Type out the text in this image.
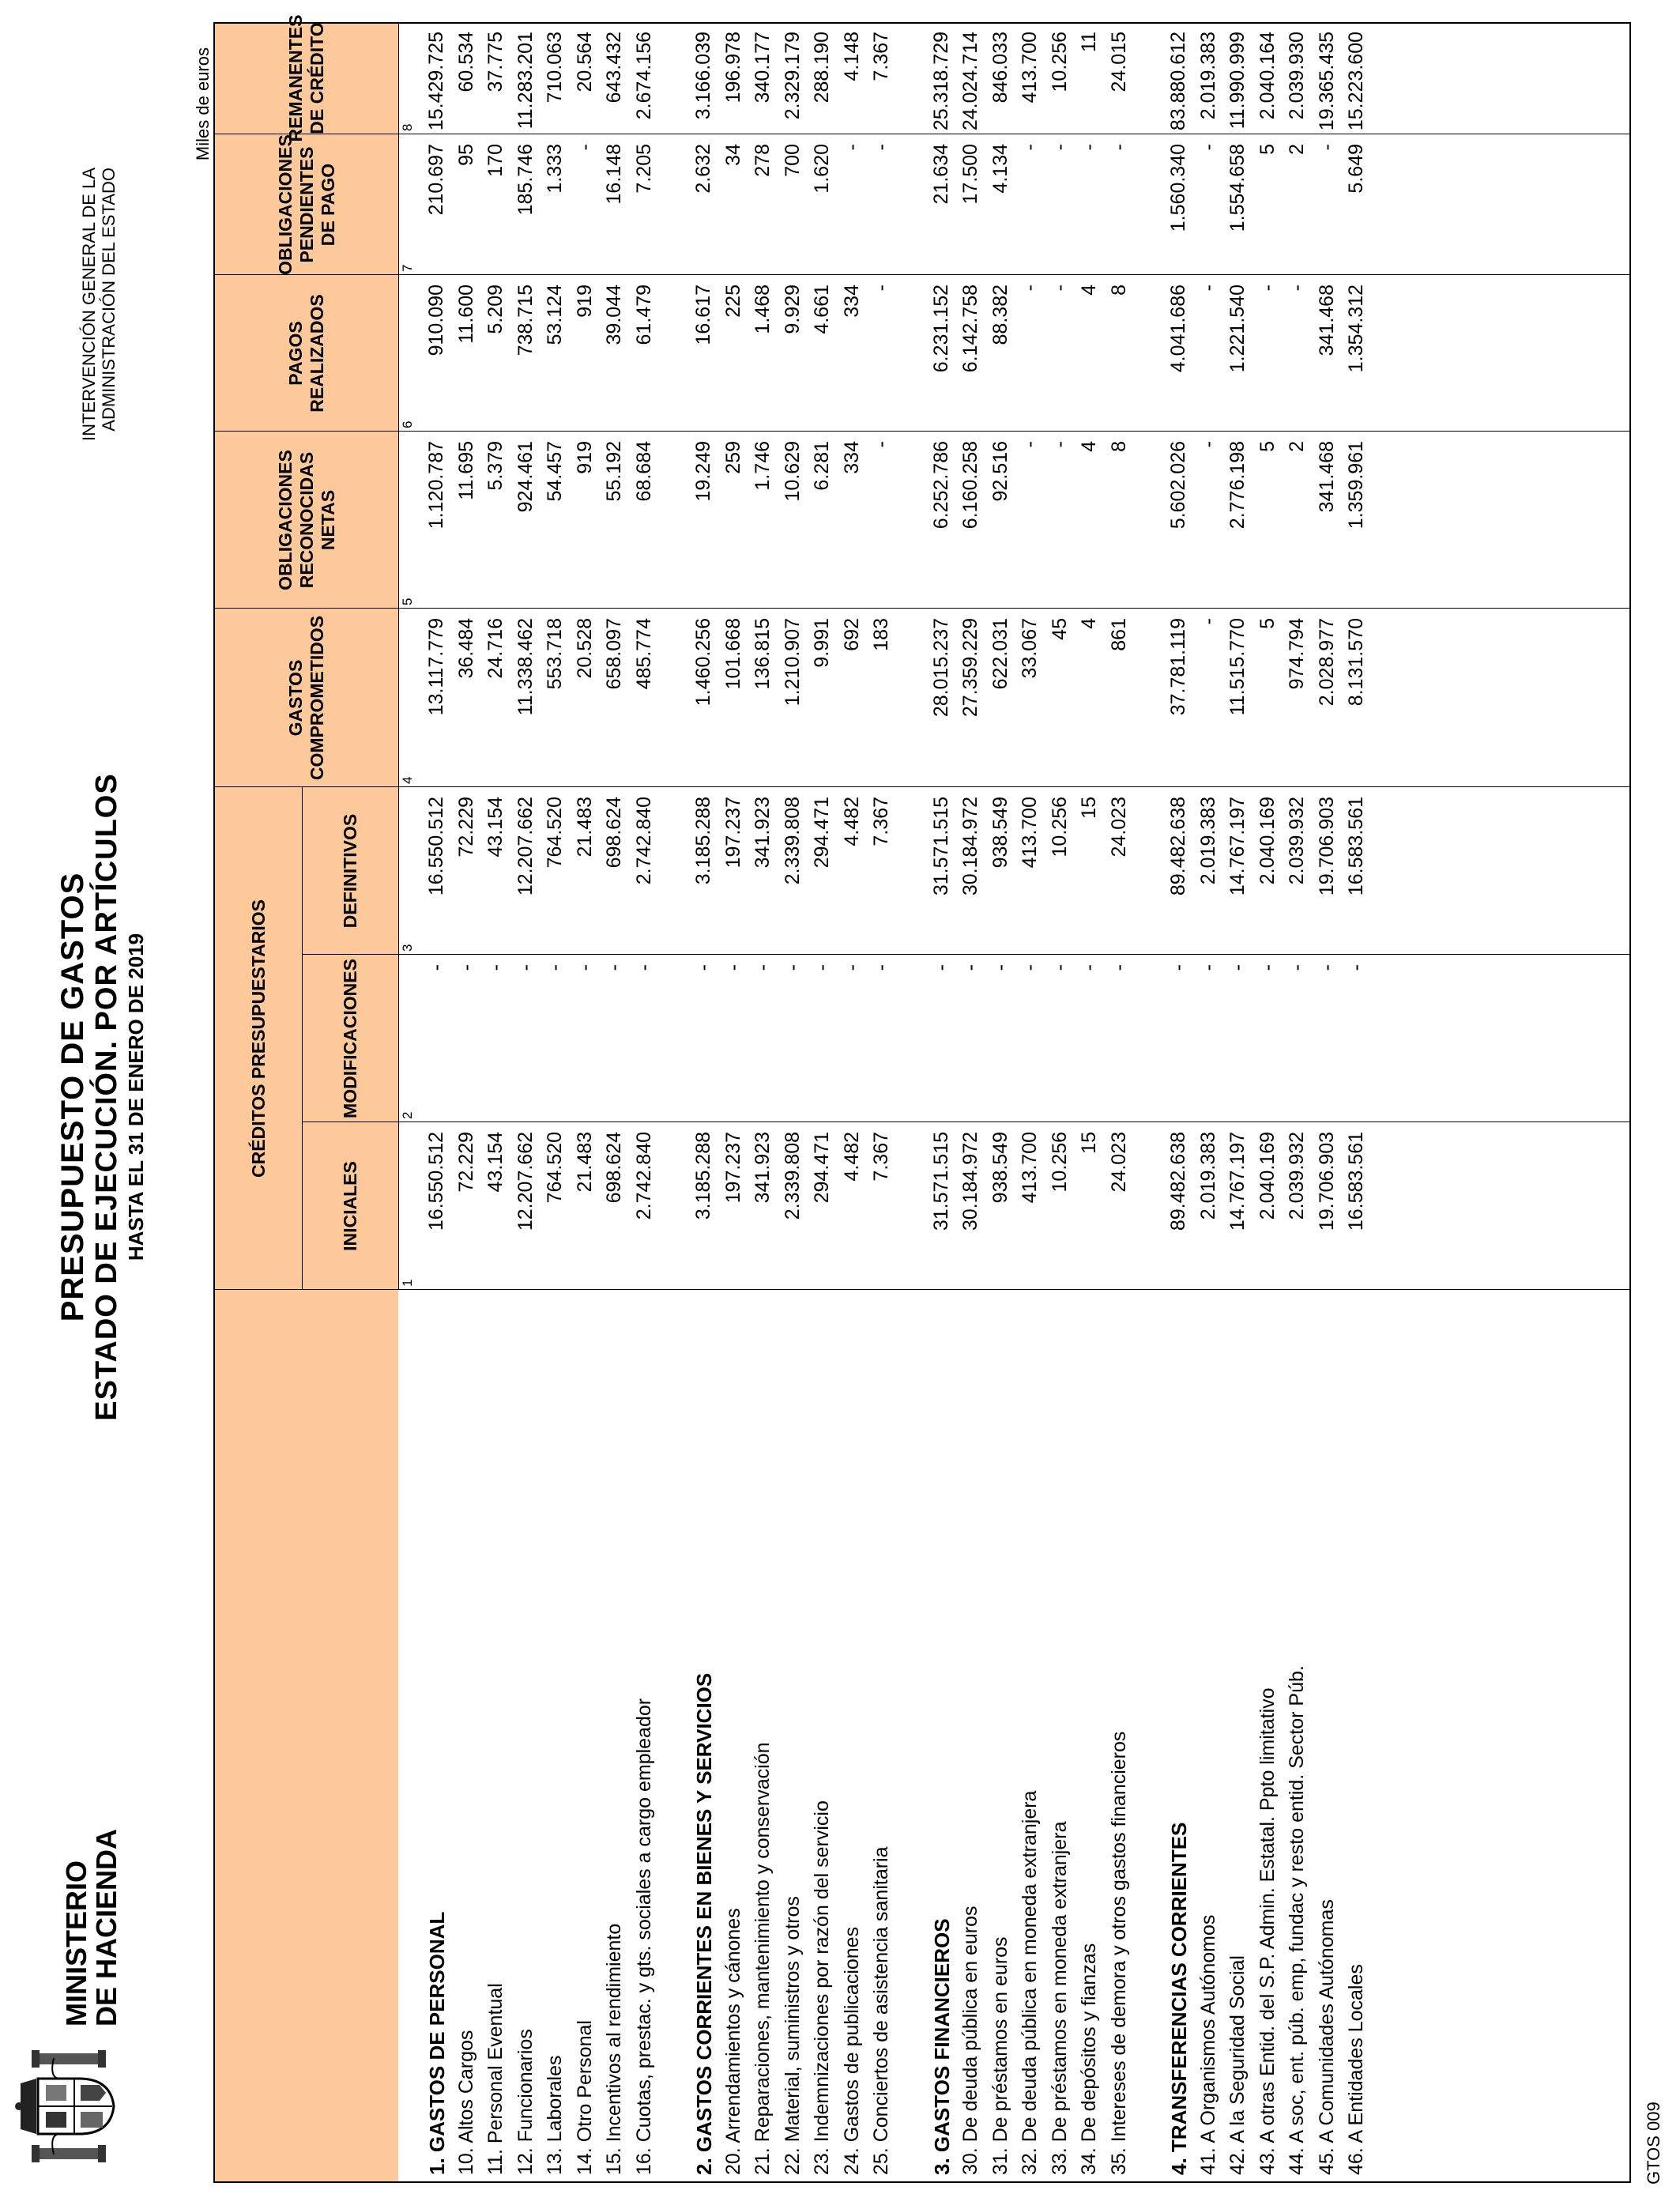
MINISTERIO
DE HACIENDA
PRESUPUESTO DE GASTOS ESTADO DE EJECUCIÓN. POR ARTÍCULOS HASTA EL 31 DE ENERO DE 2019
INTERVENCIÓN GENERAL DE LA ADMINISTRACIÓN DEL ESTADO
Miles de euros
1. GASTOS DE PERSONAL
16.550.512
-
16.550.512
13.117.779
1.120.787
910.090
210.697
15.429.725
10. Altos Cargos
72.229
-
72.229
36.484
11.695
11.600
95
60.534
11. Personal Eventual
43.154
-
43.154
24.716
5.379
5.209
170
37.775
12. Funcionarios
12.207.662
-
12.207.662
11.338.462
924.461
738.715
185.746
11.283.201
13. Laborales
764.520
-
764.520
553.718
54.457
53.124
1.333
710.063
14. Otro Personal
21.483
-
21.483
20.528
919
919
-
20.564
15. Incentivos al rendimiento
698.624
-
698.624
658.097
55.192
39.044
16.148
643.432
16. Cuotas, prestac. y gts. sociales a cargo empleador
2.742.840
-
2.742.840
485.774
68.684
61.479
7.205
2.674.156
2. GASTOS CORRIENTES EN BIENES Y SERVICIOS
3.185.288
-
3.185.288
1.460.256
19.249
16.617
2.632
3.166.039
20. Arrendamientos y cánones
197.237
-
197.237
101.668
259
225
34
196.978
21. Reparaciones, mantenimiento y conservación
341.923
-
341.923
136.815
1.746
1.468
278
340.177
22. Material, suministros y otros
2.339.808
-
2.339.808
1.210.907
10.629
9.929
700
2.329.179
23. Indemnizaciones por razón del servicio
294.471
-
294.471
9.991
6.281
4.661
1.620
288.190
24. Gastos de publicaciones
4.482
-
4.482
692
334
334
-
4.148
25. Conciertos de asistencia sanitaria
7.367
-
7.367
183
-
-
-
7.367
3. GASTOS FINANCIEROS
31.571.515
-
31.571.515
28.015.237
6.252.786
6.231.152
21.634
25.318.729
30. De deuda pública en euros
30.184.972
-
30.184.972
27.359.229
6.160.258
6.142.758
17.500
24.024.714
31. De préstamos en euros
938.549
-
938.549
622.031
92.516
88.382
4.134
846.033
32. De deuda pública en moneda extranjera
413.700
-
413.700
33.067
-
-
-
413.700
33. De préstamos en moneda extranjera
10.256
-
10.256
45
-
-
-
10.256
34. De depósitos y fianzas
15
-
15
4
4
4
-
11
35. Intereses de demora y otros gastos financieros
24.023
-
24.023
861
8
8
-
24.015
4. TRANSFERENCIAS CORRIENTES
89.482.638
-
89.482.638
37.781.119
5.602.026
4.041.686
1.560.340
83.880.612
41. A Organismos Autónomos
2.019.383
-
2.019.383
-
-
-
-
2.019.383
42. A la Seguridad Social
14.767.197
-
14.767.197
11.515.770
2.776.198
1.221.540
1.554.658
11.990.999
43. A otras Entid. del S.P. Admin. Estatal. Ppto limitativo
2.040.169
-
2.040.169
5
5
-
5
2.040.164
44. A soc, ent. púb. emp, fundac y resto entid. Sector Púb.
2.039.932
-
2.039.932
974.794
2
-
2
2.039.930
45. A Comunidades Autónomas
19.706.903
-
19.706.903
2.028.977
341.468
341.468
-
19.365.435
46. A Entidades Locales
16.583.561
-
16.583.561
8.131.570
1.359.961
1.354.312
5.649
15.223.600
CRÉDITOS PRESUPUESTARIOS
INICIALES
MODIFICACIONES
DEFINITIVOS
GASTOS COMPROMETIDOS
OBLIGACIONES RECONOCIDAS NETAS
PAGOS REALIZADOS
OBLIGACIONES PENDIENTES DE PAGO
REMANENTES DE CRÉDITO
1
2
3
4
5
6
7
8
GTOS 009
